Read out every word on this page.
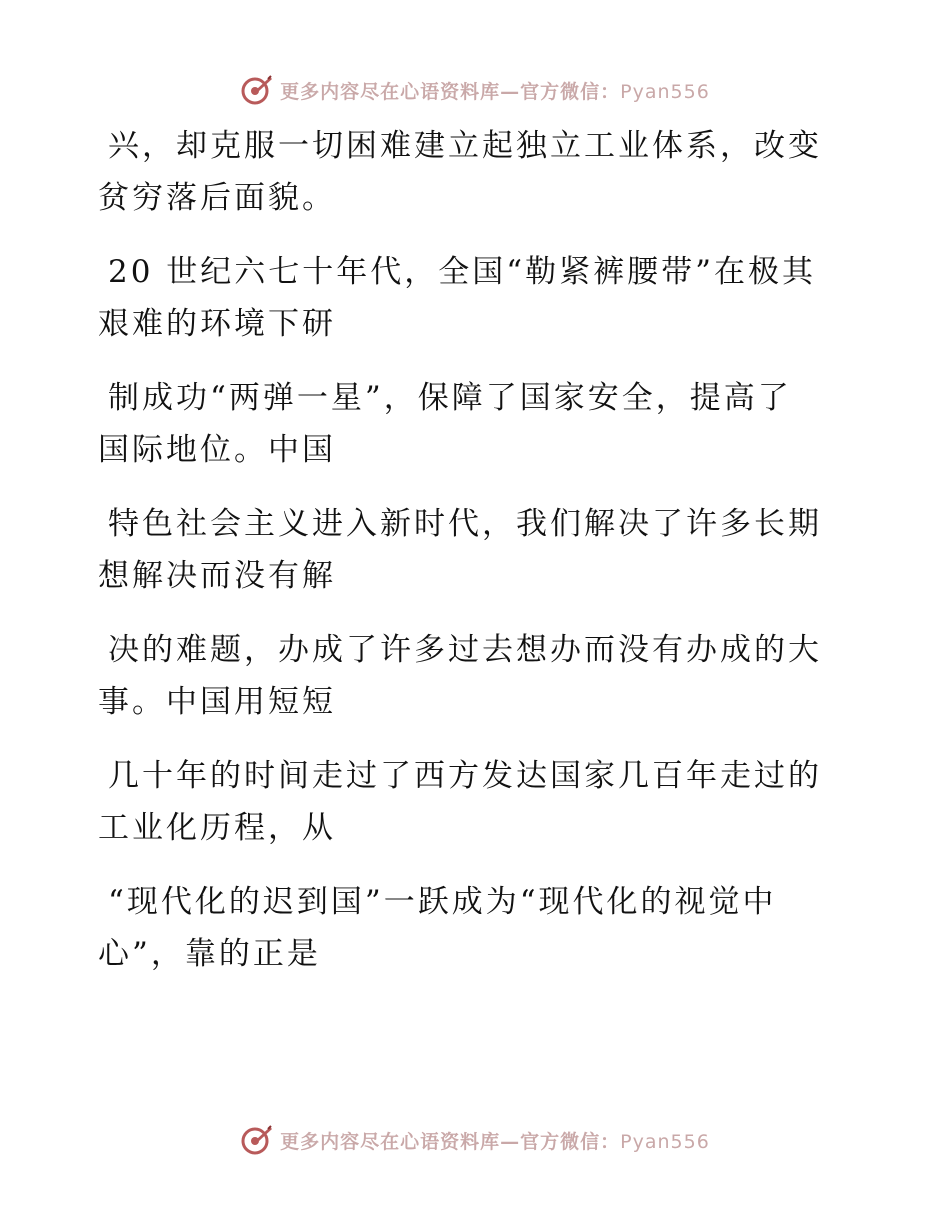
更多内容尽在心语资料库—官方微信：Pyan556
兴，却克服一切困难建立起独立工业体系，改变
贫穷落后面貌。
20 世纪六七十年代，全国“勒紧裤腰带”在极其
艰难的环境下研
制成功“两弹一星”，保障了国家安全，提高了
国际地位。中国
特色社会主义进入新时代，我们解决了许多长期
想解决而没有解
决的难题，办成了许多过去想办而没有办成的大
事。中国用短短
几十年的时间走过了西方发达国家几百年走过的
工业化历程，从
“现代化的迟到国”一跃成为“现代化的视觉中
心”，靠的正是
更多内容尽在心语资料库—官方微信：Pyan556
